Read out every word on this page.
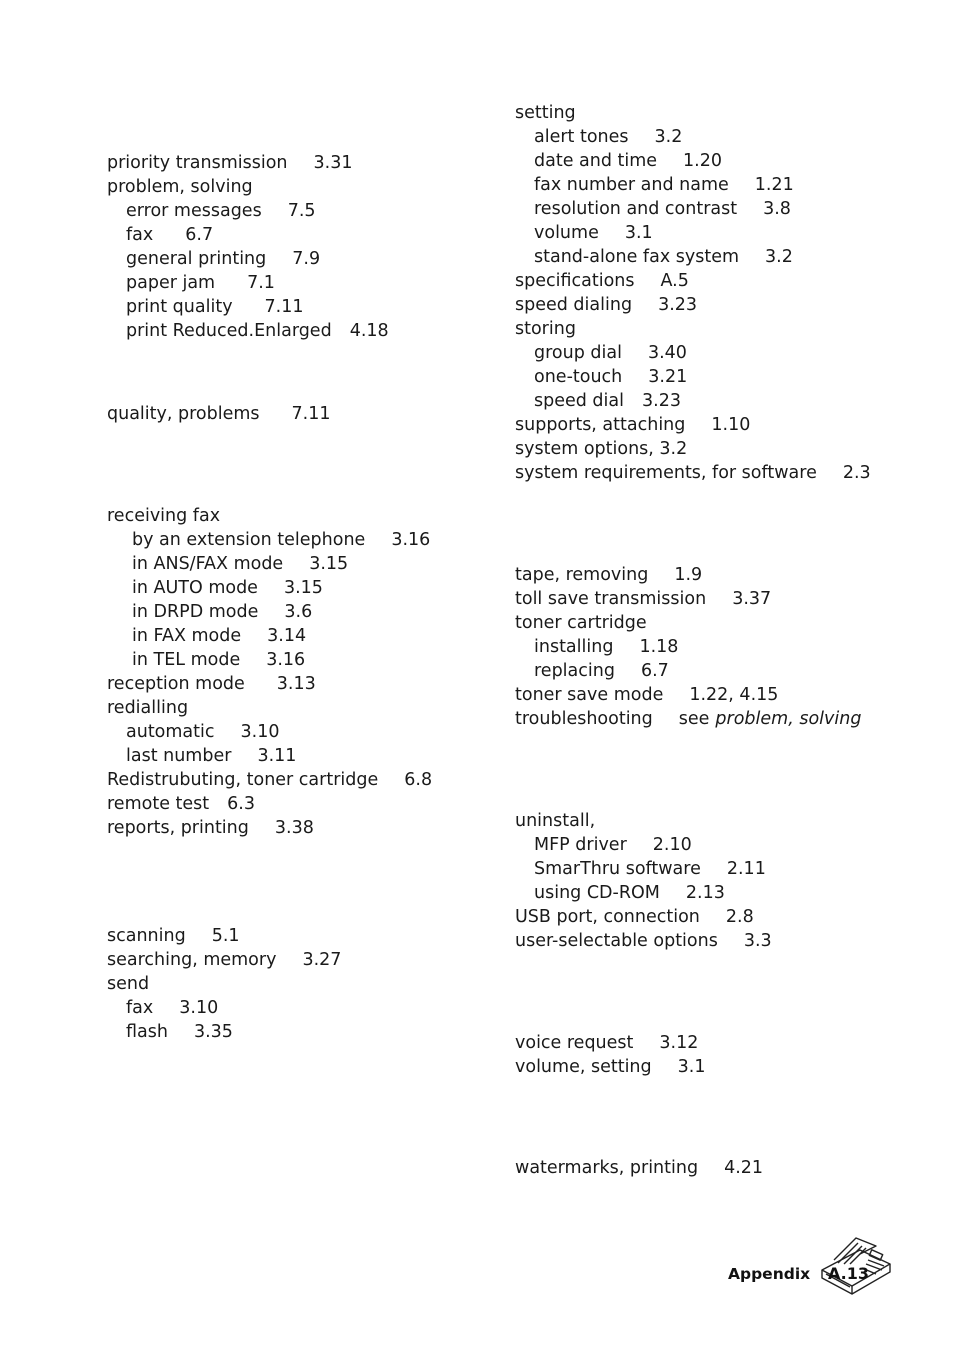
priority transmission 3.31
problem, solving
error messages 7.5
fax 6.7
general printing 7.9
paper jam 7.1
print quality 7.11
print Reduced.Enlarged 4.18
quality, problems 7.11
receiving fax
by an extension telephone 3.16
in ANS/FAX mode 3.15
in AUTO mode 3.15
in DRPD mode 3.6
in FAX mode 3.14
in TEL mode 3.16
reception mode 3.13
redialling
automatic 3.10
last number 3.11
Redistrubuting, toner cartridge 6.8
remote test 6.3
reports, printing 3.38
scanning 5.1
searching, memory 3.27
send
fax 3.10
flash 3.35
setting
alert tones 3.2
date and time 1.20
fax number and name 1.21
resolution and contrast 3.8
volume 3.1
stand-alone fax system 3.2
specifications A.5
speed dialing 3.23
storing
group dial 3.40
one-touch 3.21
speed dial 3.23
supports, attaching 1.10
system options, 3.2
system requirements, for software 2.3
tape, removing 1.9
toll save transmission 3.37
toner cartridge
installing 1.18
replacing 6.7
toner save mode 1.22, 4.15
troubleshooting see problem, solving
uninstall,
MFP driver 2.10
SmarThru software 2.11
using CD-ROM 2.13
USB port, connection 2.8
user-selectable options 3.3
voice request 3.12
volume, setting 3.1
watermarks, printing 4.21
Appendix A.13
